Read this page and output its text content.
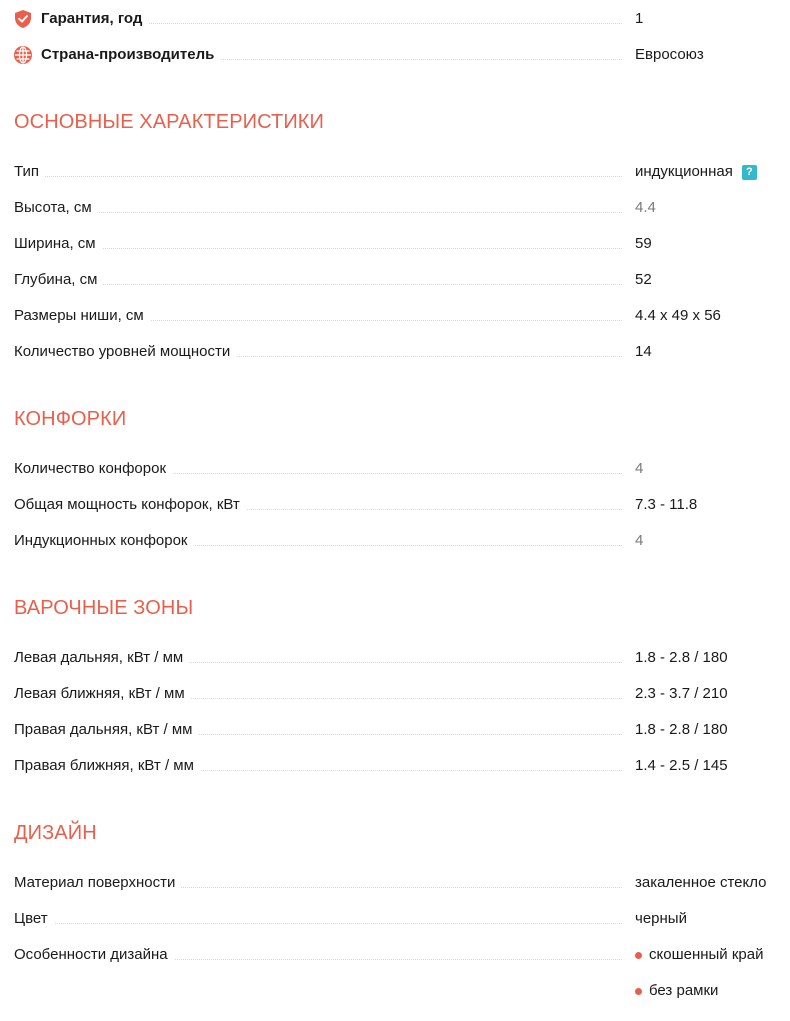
Гарантия, год	1
Страна-производитель	Евросоюз
ОСНОВНЫЕ ХАРАКТЕРИСТИКИ
Тип	индукционная	?
Высота, см	4.4
Ширина, см	59
Глубина, см	52
Размеры ниши, см	4.4 x 49 x 56
Количество уровней мощности	14
КОНФОРКИ
Количество конфорок	4
Общая мощность конфорок, кВт	7.3 - 11.8
Индукционных конфорок	4
ВАРОЧНЫЕ ЗОНЫ
Левая дальняя, кВт / мм	1.8 - 2.8 / 180
Левая ближняя, кВт / мм	2.3 - 3.7 / 210
Правая дальняя, кВт / мм	1.8 - 2.8 / 180
Правая ближняя, кВт / мм	1.4 - 2.5 / 145
ДИЗАЙН
Материал поверхности	закаленное стекло
Цвет	черный
Особенности дизайна	скошенный край
без рамки
